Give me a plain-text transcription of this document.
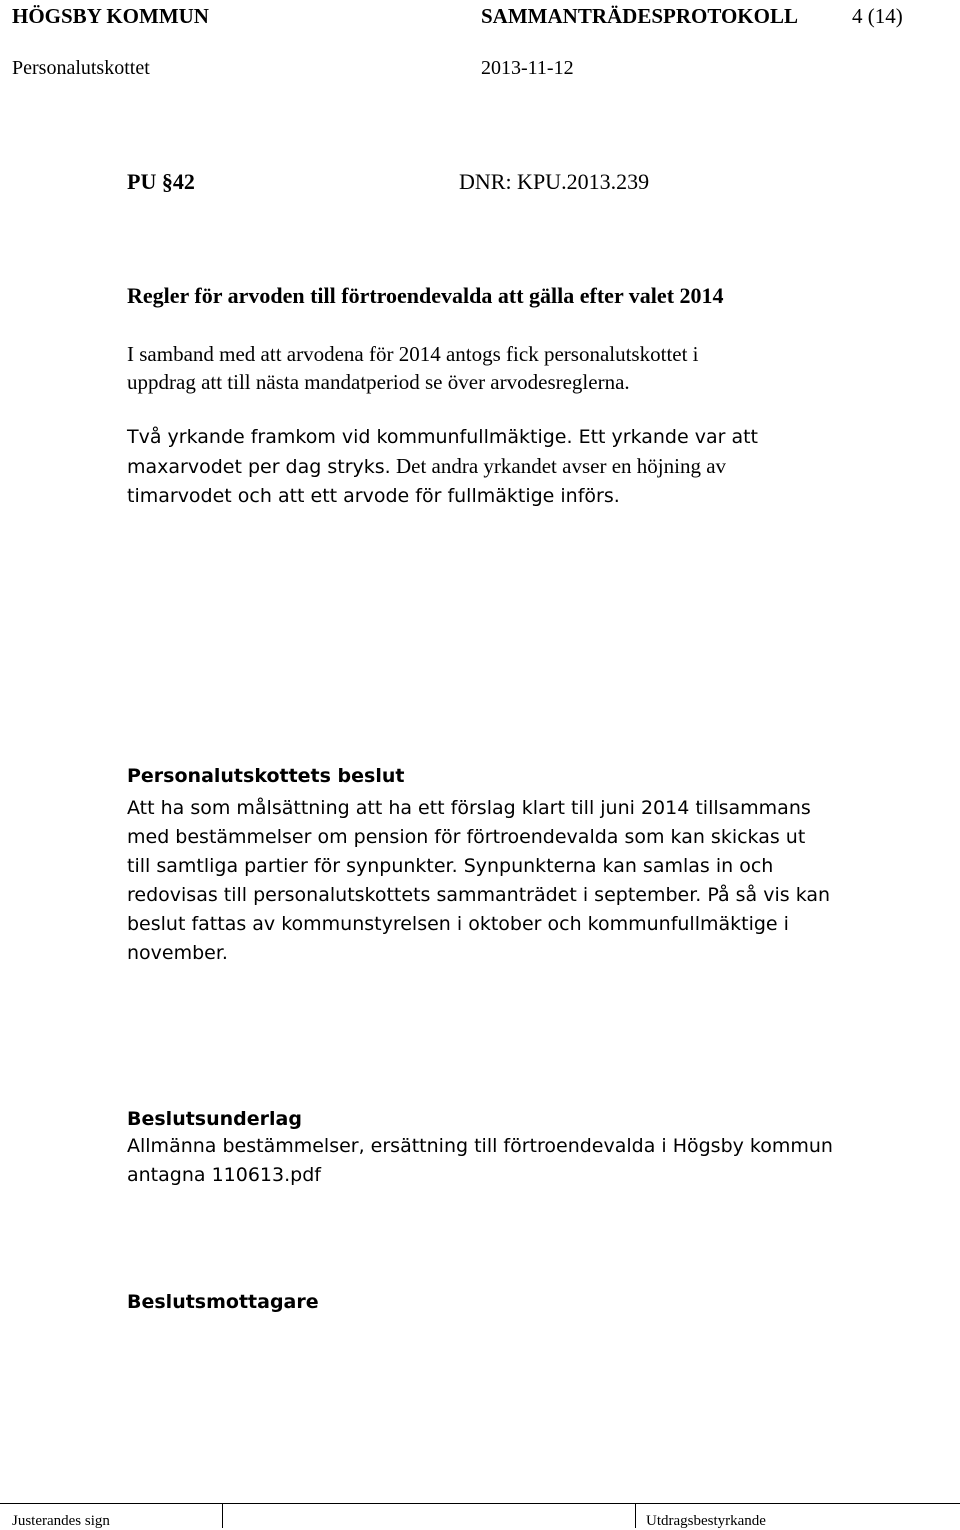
HÖGSBY KOMMUN	SAMMANTRÄDESPROTOKOLL	4 (14)
Personalutskottet	2013-11-12
PU §42	DNR: KPU.2013.239
Regler för arvoden till förtroendevalda att gälla efter valet 2014

I samband med att arvodena för 2014 antogs fick personalutskottet i
uppdrag att till nästa mandatperiod se över arvodesreglerna.

Två yrkande framkom vid kommunfullmäktige. Ett yrkande var att
maxarvodet per dag stryks. Det andra yrkandet avser en höjning av
timarvodet och att ett arvode för fullmäktige införs.

Personalutskottets beslut

Att ha som målsättning att ha ett förslag klart till juni 2014 tillsammans
med bestämmelser om pension för förtroendevalda som kan skickas ut
till samtliga partier för synpunkter. Synpunkterna kan samlas in och
redovisas till personalutskottets sammanträdet i september. På så vis kan
beslut fattas av kommunstyrelsen i oktober och kommunfullmäktige i
november.

Beslutsunderlag

Allmänna bestämmelser, ersättning till förtroendevalda i Högsby kommun
antagna 110613.pdf

Beslutsmottagare
Justerandes sign	Utdragsbestyrkande
